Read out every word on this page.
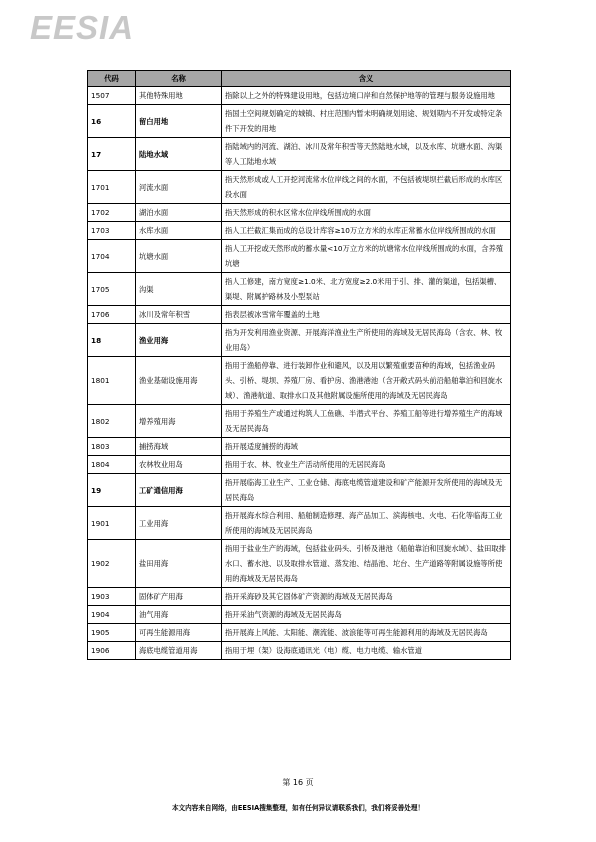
EESIA
代码	名称	含义
1507	其他特殊用地	指除以上之外的特殊建设用地，包括边境口岸和自然保护地等的管理与服务设施用地
16	留白用地	指国土空间规划确定的城镇、村庄范围内暂未明确规划用途、规划期内不开发或特定条件下开发的用地
17	陆地水域	指陆域内的河流、湖泊、冰川及常年积雪等天然陆地水域，以及水库、坑塘水面、沟渠等人工陆地水域
1701	河流水面	指天然形成或人工开挖河流常水位岸线之间的水面，不包括被堤坝拦截后形成的水库区段水面
1702	湖泊水面	指天然形成的积水区常水位岸线所围成的水面
1703	水库水面	指人工拦截汇集而成的总设计库容≥10万立方米的水库正常蓄水位岸线所围成的水面
1704	坑塘水面	指人工开挖或天然形成的蓄水量<10万立方米的坑塘常水位岸线所围成的水面，含养殖坑塘
1705	沟渠	指人工修建，南方宽度≥1.0米、北方宽度≥2.0米用于引、排、灌的渠道，包括渠槽、渠堤、附属护路林及小型泵站
1706	冰川及常年积雪	指表层被冰雪常年覆盖的土地
18	渔业用海	指为开发利用渔业资源、开展海洋渔业生产所使用的海域及无居民海岛（含农、林、牧业用岛）
1801	渔业基础设施用海	指用于渔船停靠、进行装卸作业和避风，以及用以繁殖重要苗种的海域，包括渔业码头、引桥、堤坝、养殖厂房、看护房、渔港港池（含开敞式码头前沿船舶靠泊和回旋水域）、渔港航道、取排水口及其他附属设施所使用的海域及无居民海岛
1802	增养殖用海	指用于养殖生产或通过构筑人工鱼礁、半潜式平台、养殖工船等进行增养殖生产的海域及无居民海岛
1803	捕捞海域	指开展适度捕捞的海域
1804	农林牧业用岛	指用于农、林、牧业生产活动所使用的无居民海岛
19	工矿通信用海	指开展临海工业生产、工业仓储、海底电缆管道建设和矿产能源开发所使用的海域及无居民海岛
1901	工业用海	指开展海水综合利用、船舶制造修理、海产品加工、滨海核电、火电、石化等临海工业所使用的海域及无居民海岛
1902	盐田用海	指用于盐业生产的海域，包括盐业码头、引桥及港池（船舶靠泊和回旋水域）、盐田取排水口、蓄水池、以及取排水管道、蒸发池、结晶池、坨台、生产道路等附属设施等所使用的海域及无居民海岛
1903	固体矿产用海	指开采海砂及其它固体矿产资源的海域及无居民海岛
1904	油气用海	指开采油气资源的海域及无居民海岛
1905	可再生能源用海	指开展海上风能、太阳能、潮流能、波浪能等可再生能源利用的海域及无居民海岛
1906	海底电缆管道用海	指用于埋（架）设海底通讯光（电）缆、电力电缆、输水管道
第 16 页
本文内容来自网络，由EESIA搜集整理，如有任何异议请联系我们，我们将妥善处理！
